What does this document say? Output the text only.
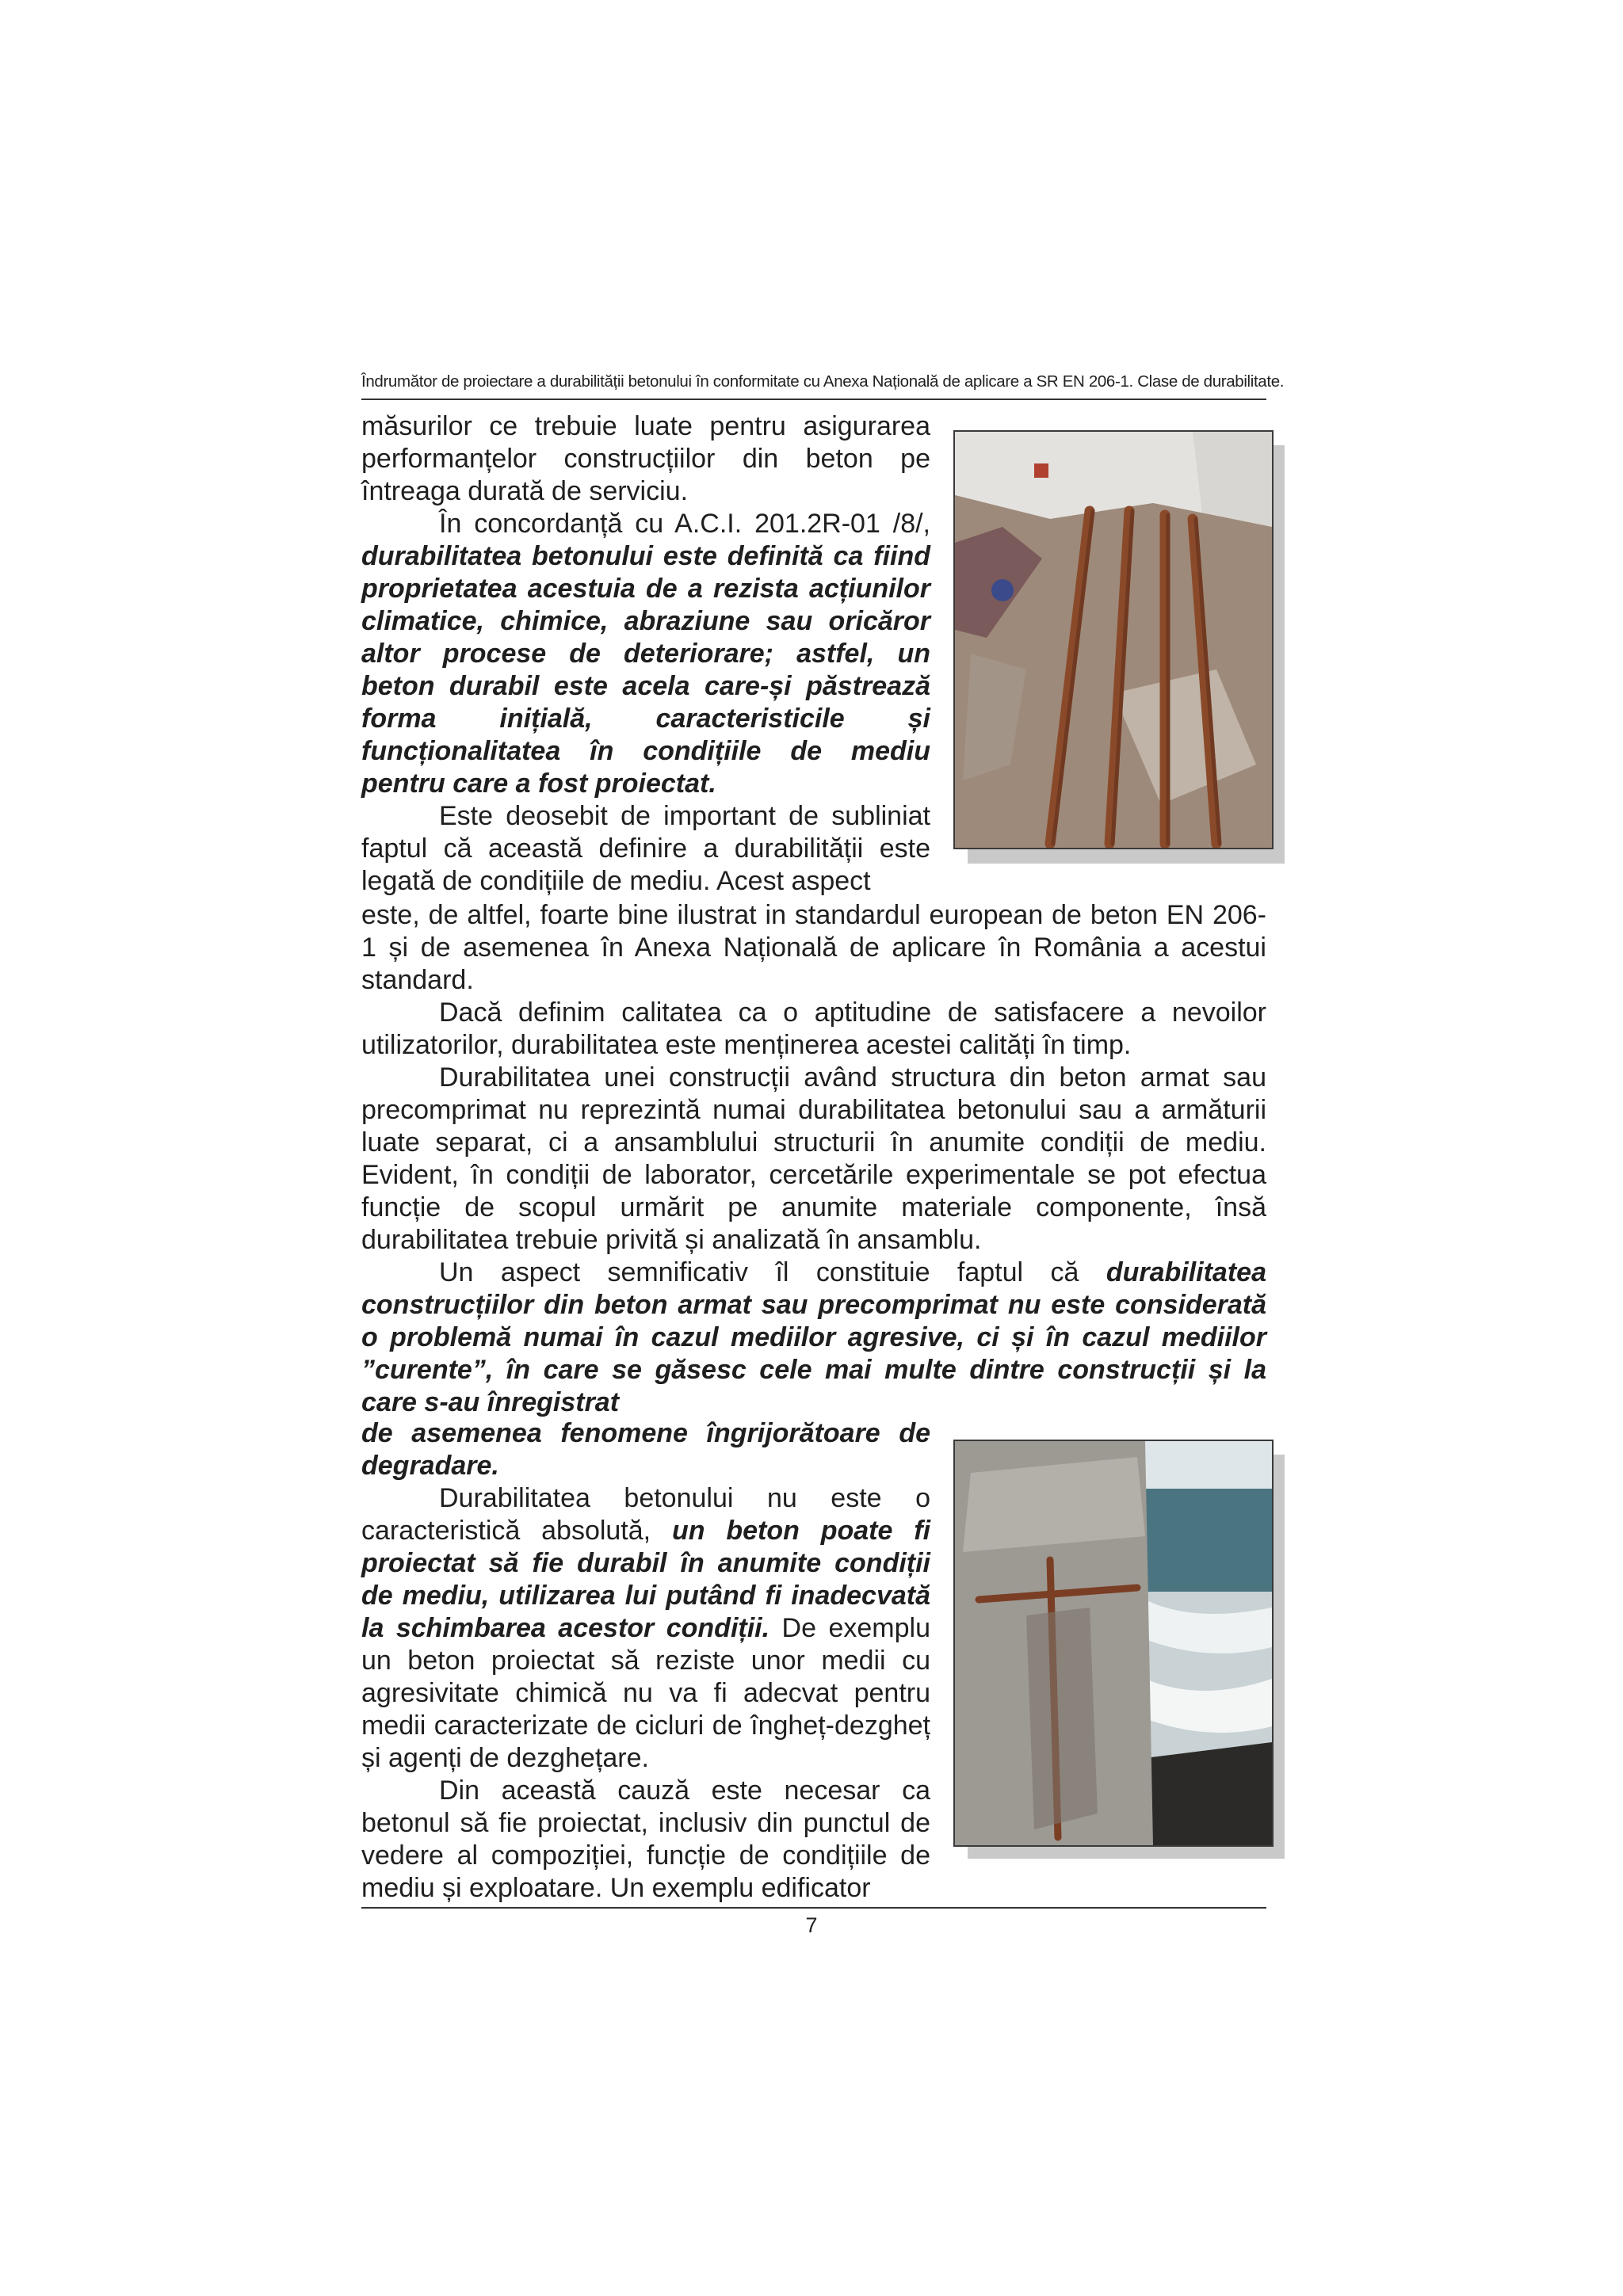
Îndrumător de proiectare a durabilității betonului în conformitate cu Anexa Națională de aplicare a SR EN 206-1. Clase de durabilitate.

măsurilor ce trebuie luate pentru asigurarea performanțelor construcțiilor din beton pe întreaga durată de serviciu.

În concordanță cu A.C.I. 201.2R-01 /8/, durabilitatea betonului este definită ca fiind proprietatea acestuia de a rezista acțiunilor climatice, chimice, abraziune sau oricăror altor procese de deteriorare; astfel, un beton durabil este acela care-și păstrează forma inițială, caracteristicile și funcționalitatea în condițiile de mediu pentru care a fost proiectat.

Este deosebit de important de subliniat faptul că această definire a durabilității este legată de condițiile de mediu. Acest aspect

este, de altfel, foarte bine ilustrat in standardul european de beton EN 206-1 și de asemenea în Anexa Națională de aplicare în România a acestui standard.

Dacă definim calitatea ca o aptitudine de satisfacere a nevoilor utilizatorilor, durabilitatea este menținerea acestei calități în timp.

Durabilitatea unei construcții având structura din beton armat sau precomprimat nu reprezintă numai durabilitatea betonului sau a armăturii luate separat, ci a ansamblului structurii în anumite condiții de mediu. Evident, în condiții de laborator, cercetările experimentale se pot efectua funcție de scopul urmărit pe anumite materiale componente, însă durabilitatea trebuie privită și analizată în ansamblu.

Un aspect semnificativ îl constituie faptul că durabilitatea construcțiilor din beton armat sau precomprimat nu este considerată o problemă numai în cazul mediilor agresive, ci și în cazul mediilor ”curente”, în care se găsesc cele mai multe dintre construcții și la care s-au înregistrat

de asemenea fenomene îngrijorătoare de degradare.

Durabilitatea betonului nu este o caracteristică absolută, un beton poate fi proiectat să fie durabil în anumite condiții de mediu, utilizarea lui putând fi inadecvată la schimbarea acestor condiții. De exemplu un beton proiectat să reziste unor medii cu agresivitate chimică nu va fi adecvat pentru medii caracterizate de cicluri de îngheț-dezgheț și agenți de dezghețare.

Din această cauză este necesar ca betonul să fie proiectat, inclusiv din punctul de vedere al compoziției, funcție de condițiile de mediu și exploatare. Un exemplu edificator

7
